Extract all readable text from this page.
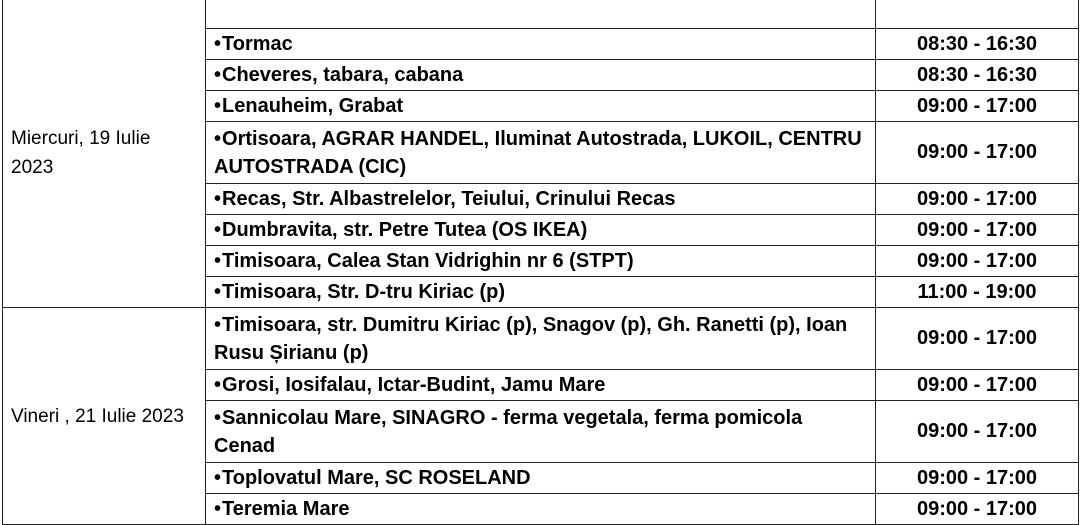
Miercuri, 19 Iulie 2023		
	•Tormac	08:30 - 16:30
	•Cheveres, tabara, cabana	08:30 - 16:30
	•Lenauheim, Grabat	09:00 - 17:00
	•Ortisoara, AGRAR HANDEL, Iluminat Autostrada, LUKOIL, CENTRU AUTOSTRADA (CIC)	09:00 - 17:00
	•Recas, Str. Albastrelelor, Teiului, Crinului Recas	09:00 - 17:00
	•Dumbravita, str. Petre Tutea (OS IKEA)	09:00 - 17:00
	•Timisoara, Calea Stan Vidrighin nr 6 (STPT)	09:00 - 17:00
	•Timisoara, Str. D-tru Kiriac (p)	11:00 - 19:00
Vineri , 21 Iulie 2023	•Timisoara, str. Dumitru Kiriac (p), Snagov (p), Gh. Ranetti (p), Ioan Rusu Șirianu (p)	09:00 - 17:00
	•Grosi, Iosifalau, Ictar-Budint, Jamu Mare	09:00 - 17:00
	•Sannicolau Mare, SINAGRO - ferma vegetala, ferma pomicola Cenad	09:00 - 17:00
	•Toplovatul Mare, SC ROSELAND	09:00 - 17:00
	•Teremia Mare	09:00 - 17:00
